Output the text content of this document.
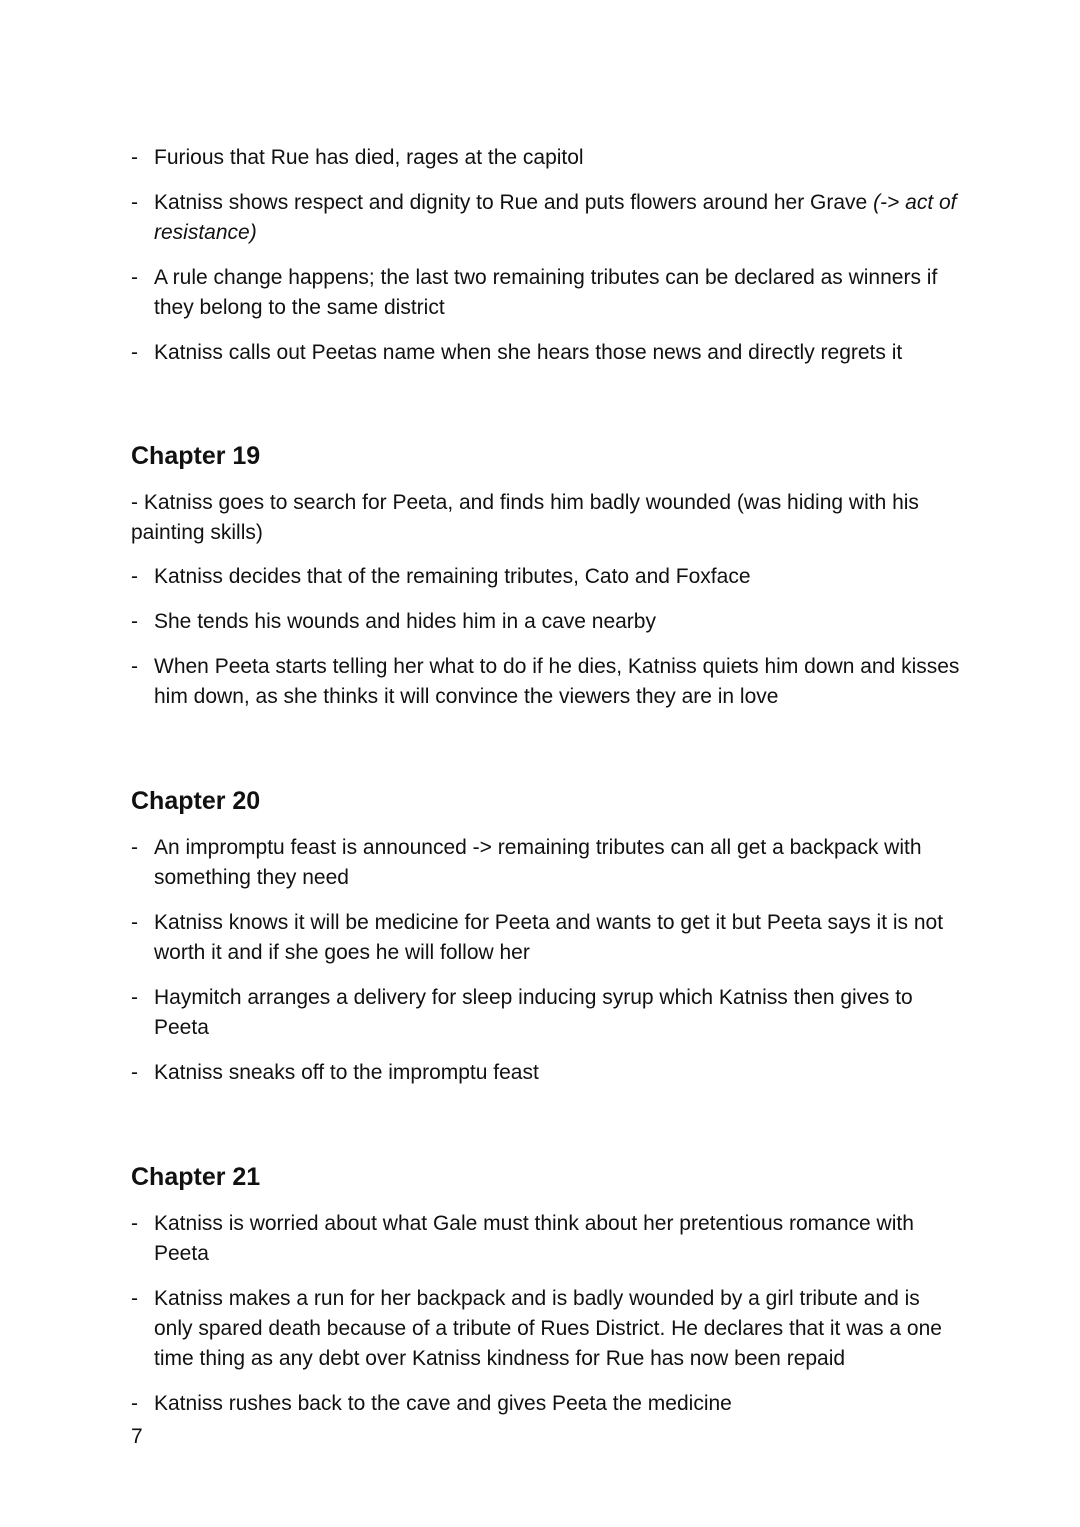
- Furious that Rue has died, rages at the capitol
- Katniss shows respect and dignity to Rue and puts flowers around her Grave (-> act of resistance)
- A rule change happens; the last two remaining tributes can be declared as winners if they belong to the same district
- Katniss calls out Peetas name when she hears those news and directly regrets it
Chapter 19
- Katniss goes to search for Peeta, and finds him badly wounded (was hiding with his painting skills)
- Katniss decides that of the remaining tributes, Cato and Foxface
- She tends his wounds and hides him in a cave nearby
- When Peeta starts telling her what to do if he dies, Katniss quiets him down and kisses him down, as she thinks it will convince the viewers they are in love
Chapter 20
- An impromptu feast is announced -> remaining tributes can all get a backpack with something they need
- Katniss knows it will be medicine for Peeta and wants to get it but Peeta says it is not worth it and if she goes he will follow her
- Haymitch arranges a delivery for sleep inducing syrup which Katniss then gives to Peeta
- Katniss sneaks off to the impromptu feast
Chapter 21
- Katniss is worried about what Gale must think about her pretentious romance with Peeta
- Katniss makes a run for her backpack and is badly wounded by a girl tribute and is only spared death because of a tribute of Rues District. He declares that it was a one time thing as any debt over Katniss kindness for Rue has now been repaid
- Katniss rushes back to the cave and gives Peeta the medicine
7
